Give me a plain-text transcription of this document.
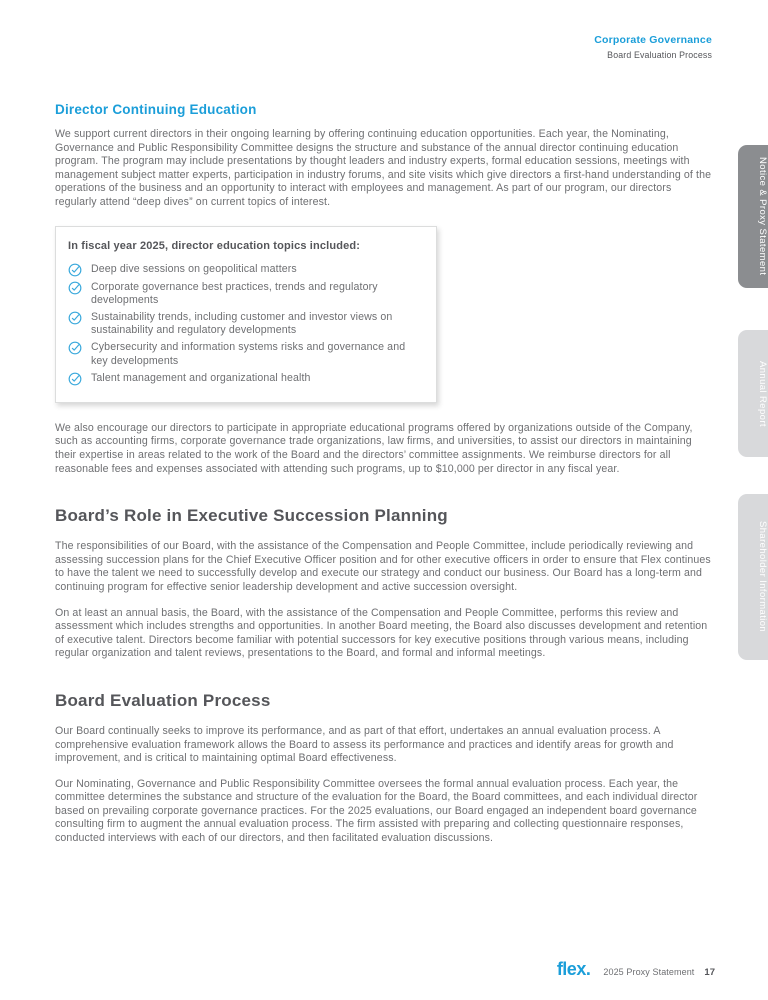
Corporate Governance
Board Evaluation Process
Director Continuing Education

We support current directors in their ongoing learning by offering continuing education opportunities. Each year, the Nominating, Governance and Public Responsibility Committee designs the structure and substance of the annual director continuing education program. The program may include presentations by thought leaders and industry experts, formal education sessions, meetings with management subject matter experts, participation in industry forums, and site visits which give directors a first-hand understanding of the operations of the business and an opportunity to interact with employees and management. As part of our program, our directors regularly attend “deep dives” on current topics of interest.

In fiscal year 2025, director education topics included:
Deep dive sessions on geopolitical matters
Corporate governance best practices, trends and regulatory developments
Sustainability trends, including customer and investor views on sustainability and regulatory developments
Cybersecurity and information systems risks and governance and key developments
Talent management and organizational health

We also encourage our directors to participate in appropriate educational programs offered by organizations outside of the Company, such as accounting firms, corporate governance trade organizations, law firms, and universities, to assist our directors in maintaining their expertise in areas related to the work of the Board and the directors’ committee assignments. We reimburse directors for all reasonable fees and expenses associated with attending such programs, up to $10,000 per director in any fiscal year.

Board’s Role in Executive Succession Planning

The responsibilities of our Board, with the assistance of the Compensation and People Committee, include periodically reviewing and assessing succession plans for the Chief Executive Officer position and for other executive officers in order to ensure that Flex continues to have the talent we need to successfully develop and execute our strategy and conduct our business. Our Board has a long-term and continuing program for effective senior leadership development and active succession oversight.

On at least an annual basis, the Board, with the assistance of the Compensation and People Committee, performs this review and assessment which includes strengths and opportunities. In another Board meeting, the Board also discusses development and retention of executive talent. Directors become familiar with potential successors for key executive positions through various means, including regular organization and talent reviews, presentations to the Board, and formal and informal meetings.

Board Evaluation Process

Our Board continually seeks to improve its performance, and as part of that effort, undertakes an annual evaluation process. A comprehensive evaluation framework allows the Board to assess its performance and practices and identify areas for growth and improvement, and is critical to maintaining optimal Board effectiveness.

Our Nominating, Governance and Public Responsibility Committee oversees the formal annual evaluation process. Each year, the committee determines the substance and structure of the evaluation for the Board, the Board committees, and each individual director based on prevailing corporate governance practices. For the 2025 evaluations, our Board engaged an independent board governance consulting firm to augment the annual evaluation process. The firm assisted with preparing and collecting questionnaire responses, conducted interviews with each of our directors, and then facilitated evaluation discussions.

Notice & Proxy Statement
Annual Report
Shareholder Information
flex. 2025 Proxy Statement 17
